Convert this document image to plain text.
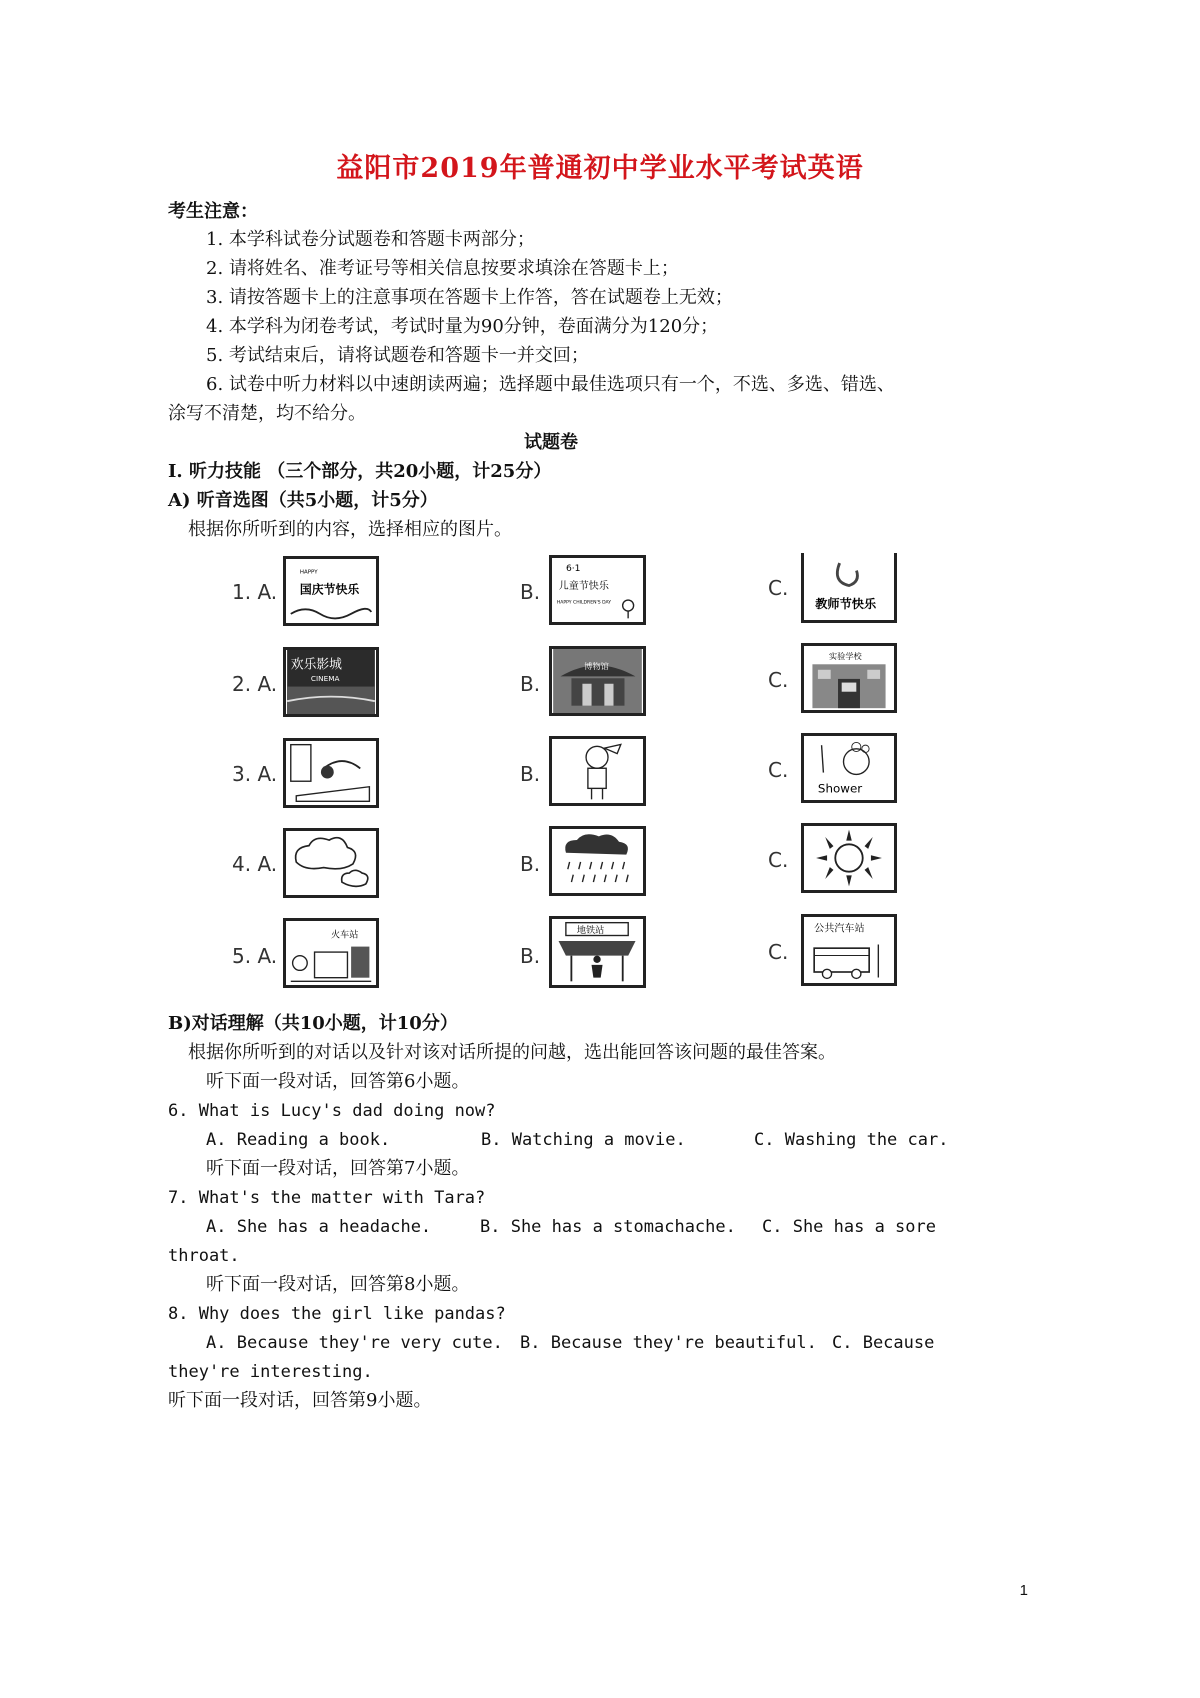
益阳市2019年普通初中学业水平考试英语
考生注意：
1. 本学科试卷分试题卷和答题卡两部分；
2. 请将姓名、准考证号等相关信息按要求填涂在答题卡上；
3. 请按答题卡上的注意事项在答题卡上作答，答在试题卷上无效；
4. 本学科为闭卷考试，考试时量为90分钟，卷面满分为120分；
5. 考试结束后，请将试题卷和答题卡一并交回；
6. 试卷中听力材料以中速朗读两遍；选择题中最佳选项只有一个，不选、多选、错选、
涂写不清楚，均不给分。
试题卷
I. 听力技能 （三个部分，共20小题，计25分）
A) 听音选图（共5小题，计5分）
根据你所听到的内容，选择相应的图片。
1. A.
HAPPY
国庆节快乐	B.
6·1
儿童节快乐
HAPPY CHILDREN'S DAY
C.
教师节快乐
2. A.
欢乐影城
CINEMA	B.
博物馆
C.
实验学校
3. A.	B.	C.
Shower
4. A.	B.	C.
5. A.
火车站
B.
地铁站
C.
公共汽车站
B)对话理解（共10小题，计10分）
根据你所听到的对话以及针对该对话所提的问越，选出能回答该问题的最佳答案。
听下面一段对话，回答第6小题。
6. What is Lucy's dad doing now?
A. Reading a book.	B. Watching a movie.	C. Washing the car.
听下面一段对话，回答第7小题。
7. What's the matter with Tara?
A. She has a headache.	B. She has a stomachache. C. She has a sore
throat.
听下面一段对话，回答第8小题。
8. Why does the girl like pandas?
A. Because they're very cute. B. Because they're beautiful. C. Because
they're interesting.
听下面一段对话，回答第9小题。
1
